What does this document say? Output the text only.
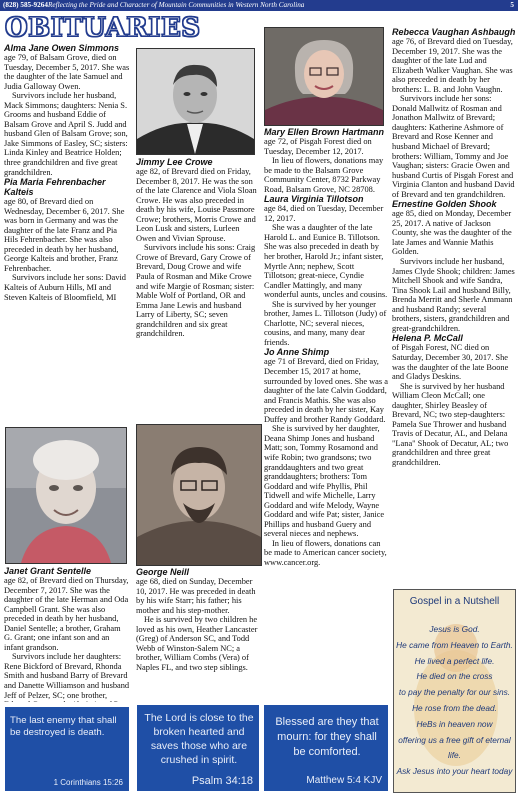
(828) 585-9264 Reflecting the Pride and Character of Mountain Communities in Western North Carolina	5
OBITUARIES

Alma Jane Owen Simmons

age 79, of Balsam Grove, died on Tuesday, December 5, 2017. She was the daughter of the late Samuel and Judia Galloway Owen.

Survivors include her husband, Mack Simmons; daughters: Nenia S. Grooms and husband Eddie of Balsam Grove and April S. Judd and husband Glen of Balsam Grove; son, Jake Simmons of Easley, SC; sisters: Linda Kinley and Beatrice Holden; three grandchildren and five great grandchildren.

Pia Maria Fehrenbacher Kalteis

age 80, of Brevard died on Wednesday, December 6, 2017. She was born in Germany and was the daughter of the late Franz and Pia Hils Fehrenbacher. She was also preceded in death by her husband, George Kalteis and brother, Franz Fehrenbacher.

Survivors include her sons: David Kalteis of Auburn Hills, MI and Steven Kalteis of Bloomfield, MI

Janet Grant Sentelle

age 82, of Brevard died on Thursday, December 7, 2017. She was the daughter of the late Herman and Oda Campbell Grant. She was also preceded in death by her husband, Daniel Sentelle; a brother, Graham G. Grant; one infant son and an infant grandson.

Survivors include her daughters: Rene Bickford of Brevard, Rhonda Smith and husband Barry of Brevard and Danette Williamson and husband Jeff of Pelzer, SC; one brother,

The last enemy that shall be destroyed is death.
1 Corinthians 15:26

Jimmy Lee Crowe

age 82, of Brevard died on Friday, December 8, 2017. He was the son of the late Clarence and Viola Sloan Crowe. He was also preceded in death by his wife, Louise Passmore Crowe; brothers, Morris Crowe and Leon Lusk and sisters, Lurleen Owen and Vivian Sprouse.

Survivors include his sons: Craig Crowe of Brevard, Gary Crowe of Brevard, Doug Crowe and wife Paula of Rosman and Mike Crowe and wife Margie of Rosman; sister: Mable Wolf of Portland, OR and Emma Jane Lewis and husband Larry of Liberty, SC; seven grandchildren and six great grandchildren.

George Neill

age 68, died on Sunday, December 10, 2017. He was preceded in death by his wife Starr; his father; his mother and his step-mother.

He is survived by two children he loved as his own, Heather Lancaster (Greg) of Anderson SC, and Todd Webb of Winston-Salem NC; a brother, William Combs (Vera) of Naples FL, and two step siblings.

The Lord is close to the broken hearted and saves those who are crushed in spirit.
Psalm 34:18

Mary Ellen Brown Hartmann

age 72, of Pisgah Forest died on Tuesday, December 12, 2017.

In lieu of flowers, donations may be made to the Balsam Grove Community Center, 8732 Parkway Road, Balsam Grove, NC 28708.

Laura Virginia Tillotson

age 84, died on Tuesday, December 12, 2017.

She was a daughter of the late Harold L. and Eunice B. Tillotson. She was also preceded in death by her brother, Harold Jr.; infant sister, Myrtle Ann; nephew, Scott Tillotson; great-niece, Cyndie Candler Mattingly, and many wonderful aunts, uncles and cousins.

She is survived by her younger brother, James L. Tillotson (Judy) of Charlotte, NC; several nieces, cousins, and many, many dear friends.

Jo Anne Shimp

age 71 of Brevard, died on Friday, December 15, 2017 at home, surrounded by loved ones. She was a daughter of the late Calvin Goddard, and Francis Mathis. She was also preceded in death by her sister, Kay Duffey and brother Randy Goddard.

She is survived by her daughter, Deana Shimp Jones and husband Matt; son, Tommy Rosamond and wife Robin; two grandsons; two granddaughters and two great granddaughters; brothers: Tom Goddard and wife Phyllis, Phil Tidwell and wife Michelle, Larry Goddard and wife Melody, Wayne Goddard and wife Pat; sister, Janice Phillips and husband Guery and several nieces and nephews.

In lieu of flowers, donations can be made to American cancer society, www.cancer.org.

Blessed are they that mourn: for they shall be comforted.
Matthew 5:4 KJV

Rebecca Vaughan Ashbaugh

age 76, of Brevard died on Tuesday, December 19, 2017. She was the daughter of the late Lud and Elizabeth Walker Vaughan. She was also preceded in death by her brothers: L. B. and John Vaughn.

Survivors include her sons: Donald Mallwitz of Rosman and Jonathon Mallwitz of Brevard; daughters: Katherine Ashmore of Brevard and Rose Kenner and husband Michael of Brevard; brothers: William, Tommy and Joe Vaughan; sisters: Gracie Owen and husband Curtis of Pisgah Forest and Virginia Clanton and husband David of Brevard and ten grandchildren.

Ernestine Golden Shook

age 85, died on Monday, December 25, 2017. A native of Jackson County, she was the daughter of the late James and Wannie Mathis Golden.

Survivors include her husband, James Clyde Shook; children: James Mitchell Shook and wife Sandra, Tina Shook Lail and husband Billy, Brenda Merritt and Sherle Ammann and husband Randy; several brothers, sisters, grandchildren and great-grandchildren.

Helena P. McCall

of Pisgah Forest, NC died on Saturday, December 30, 2017. She was the daughter of the late Boone and Gladys Deskins.

She is survived by her husband William Cleon McCall; one daughter, Shirley Beasley of Brevard, NC; two step-daughters: Pamela Sue Thrower and husband Travis of Decatur, AL, and Delana "Lana" Shook of Decatur, AL; two grandchildren and three great grandchildren.

Gospel in a Nutshell
Jesus is God.
He came from Heaven to Earth.
He lived a perfect life.
He died on the cross
to pay the penalty for our sins.
He rose from the dead.
HeBs in heaven now
offering us a free gift of eternal life.
Ask Jesus into your heart today
